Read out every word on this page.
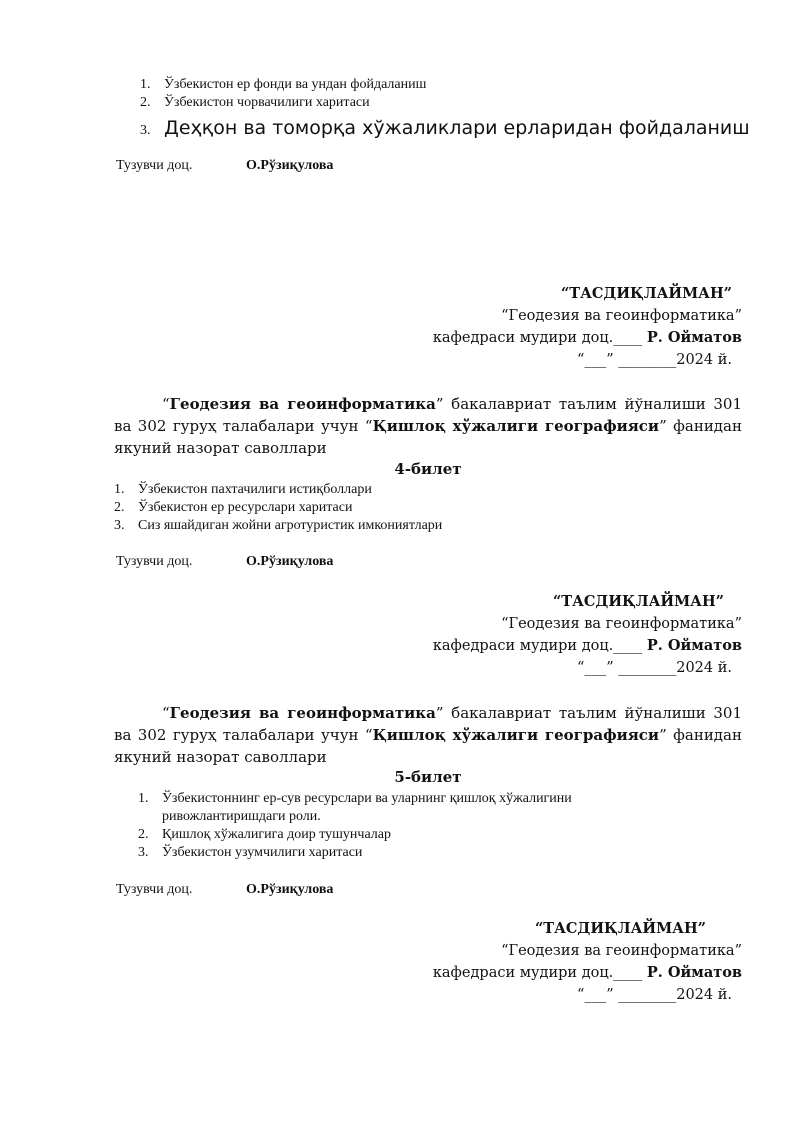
1. Ўзбекистон ер фонди ва ундан фойдаланиш
2. Ўзбекистон чорвачилиги харитаси
3. Деҳқон ва томорқа хўжаликлари ерларидан фойдаланиш
Тузувчи доц.	О.Рўзиқулова
“ТАСДИҚЛАЙМАН”
“Геодезия ва геоинформатика”
кафедраси мудири доц.____ Р. Ойматов
“___” ________2024 й.
“Геодезия ва геоинформатика” бакалавриат таълим йўналиши 301 ва 302 гуруҳ талабалари учун “Қишлоқ хўжалиги географияси” фанидан якуний назорат саволлари
4-билет
1. Ўзбекистон пахтачилиги истиқболлари
2. Ўзбекистон ер ресурслари харитаси
3. Сиз яшайдиган жойни агротуристик имкониятлари
Тузувчи доц.	О.Рўзиқулова
“ТАСДИҚЛАЙМАН”
“Геодезия ва геоинформатика”
кафедраси мудири доц.____ Р. Ойматов
“___” ________2024 й.
“Геодезия ва геоинформатика” бакалавриат таълим йўналиши 301 ва 302 гуруҳ талабалари учун “Қишлоқ хўжалиги географияси” фанидан якуний назорат саволлари
5-билет
1. Ўзбекистоннинг ер-сув ресурслари ва уларнинг қишлоқ хўжалигини ривожлантиришдаги роли.
2. Қишлоқ хўжалигига доир тушунчалар
3. Ўзбекистон узумчилиги харитаси
Тузувчи доц.	О.Рўзиқулова
“ТАСДИҚЛАЙМАН”
“Геодезия ва геоинформатика”
кафедраси мудири доц.____ Р. Ойматов
“___” ________2024 й.
